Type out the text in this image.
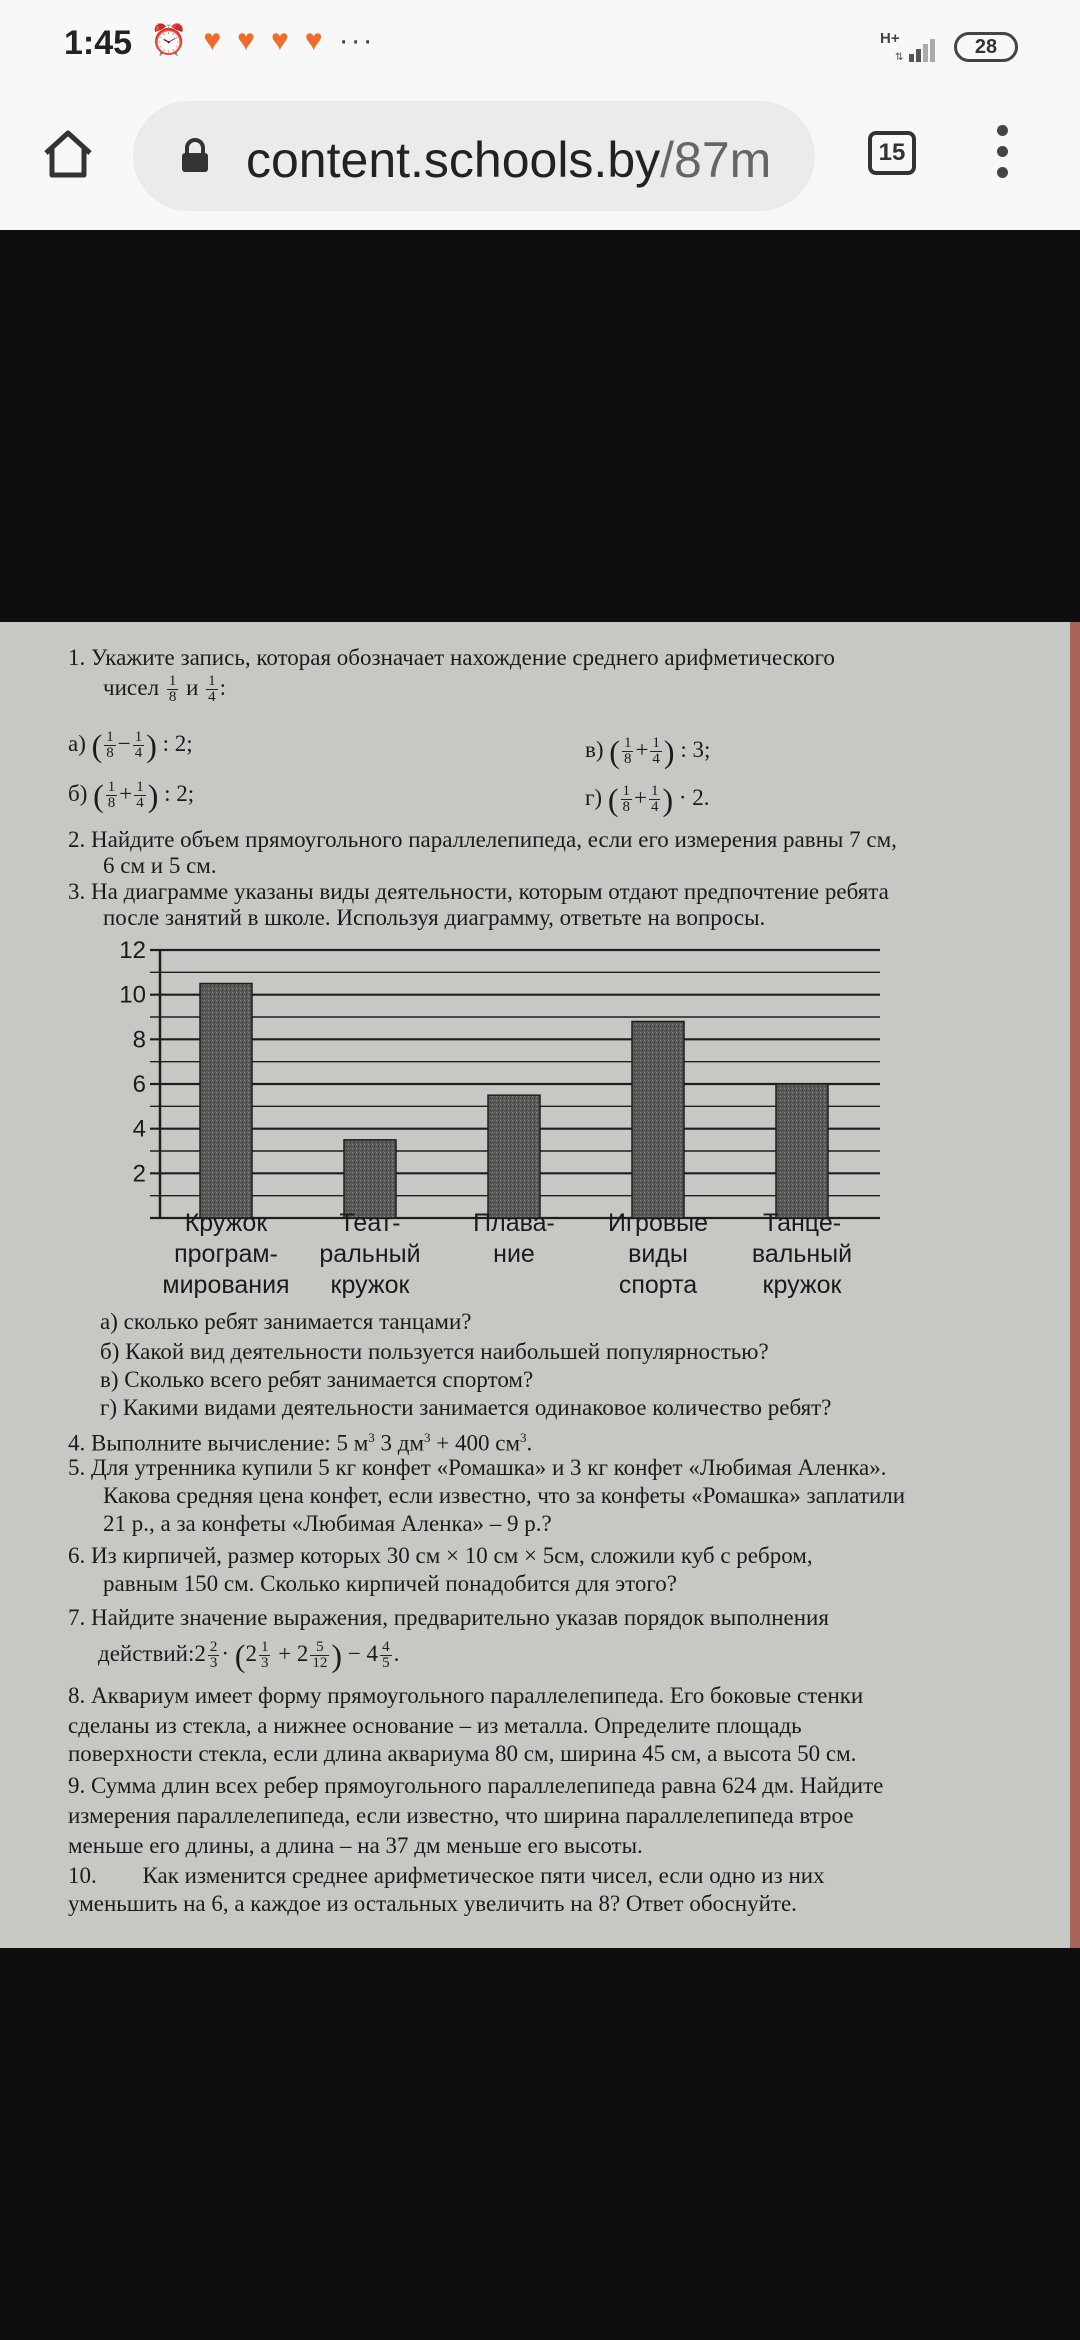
1:45 ⏰ ♥ ♥ ♥ ♥ ···	H+
⇅	28
content.schools.by/87m	15
1. Укажите запись, которая обозначает нахождение среднего арифметического
чисел $\frac{1}{8}$ и $\frac{1}{4}$ :
а) ( $\frac{1}{8} - \frac{1}{4}$ ) : 2;	в) ( $\frac{1}{8} + \frac{1}{4}$ ) : 3;
б) ( $\frac{1}{8} + \frac{1}{4}$ ) : 2;	г) ( $\frac{1}{8} + \frac{1}{4}$ ) · 2.
2. Найдите объем прямоугольного параллелепипеда, если его измерения равны 7 см,
6 см и 5 см.
3. На диаграмме указаны виды деятельности, которым отдают предпочтение ребята
после занятий в школе. Используя диаграмму, ответьте на вопросы.
2
4
6
8
10
12
Кружок
програм-
мирования
Теат-
ральный
кружок
Плава-
ние
Игровые
виды
спорта
Танце-
вальный
кружок
а) сколько ребят занимается танцами?
б) Какой вид деятельности пользуется наибольшей популярностью?
в) Сколько всего ребят занимается спортом?
г) Какими видами деятельности занимается одинаковое количество ребят?
4. Выполните вычисление: 5 $м^3$ 3 $дм^3 + 400$ $см^3$.
5. Для утренника купили 5 кг конфет «Ромашка» и 3 кг конфет «Любимая Аленка».
Какова средняя цена конфет, если известно, что за конфеты «Ромашка» заплатили
21 р., а за конфеты «Любимая Аленка» – 9 р.?
6. Из кирпичей, размер которых 30 см × 10 см × 5см, сложили куб с ребром,
равным 150 см. Сколько кирпичей понадобится для этого?
7. Найдите значение выражения, предварительно указав порядок выполнения
действий:2 $\frac{2}{3} \cdot (2 \frac{1}{3} + 2 \frac{5}{12}$ ) − $4 \frac{4}{5}$ .
8. Аквариум имеет форму прямоугольного параллелепипеда. Его боковые стенки
сделаны из стекла, а нижнее основание – из металла. Определите площадь
поверхности стекла, если длина аквариума 80 см, ширина 45 см, а высота 50 см.
9. Сумма длин всех ребер прямоугольного параллелепипеда равна 624 дм. Найдите
измерения параллелепипеда, если известно, что ширина параллелепипеда втрое
меньше его длины, а длина – на 37 дм меньше его высоты.
10. Как изменится среднее арифметическое пяти чисел, если одно из них
уменьшить на 6, а каждое из остальных увеличить на 8? Ответ обоснуйте.
